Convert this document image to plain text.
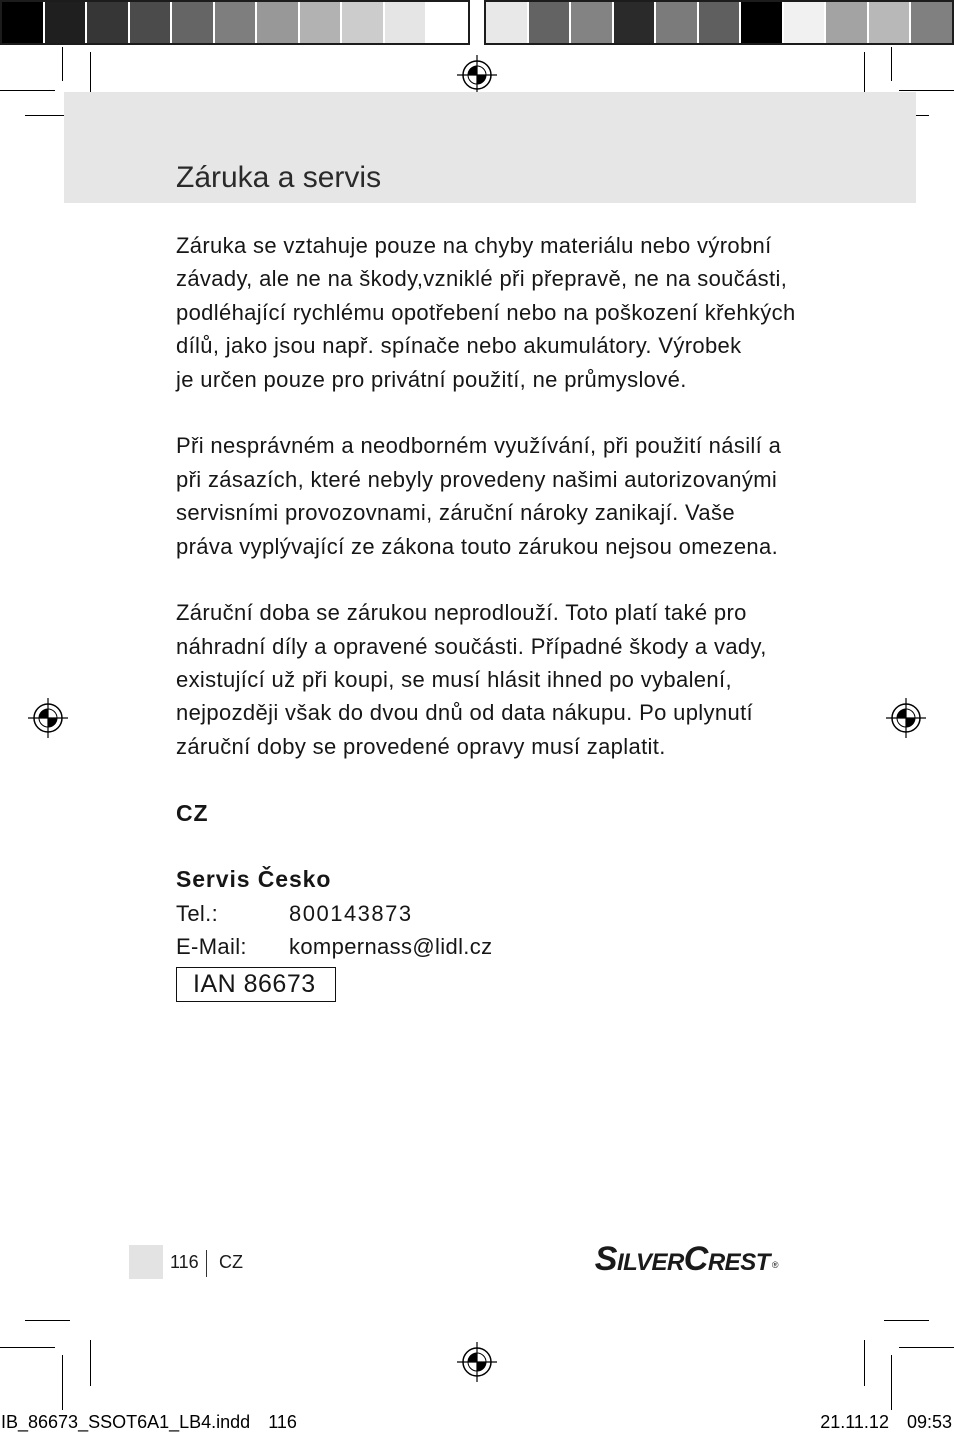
Záruka a servis

Záruka se vztahuje pouze na chyby materiálu nebo výrobní
závady, ale ne na škody,vzniklé při přepravě, ne na součásti,
podléhající rychlému opotřebení nebo na poškození křehkých
dílů, jako jsou např. spínače nebo akumulátory. Výrobek
je určen pouze pro privátní použití, ne průmyslové.

Při nesprávném a neodborném využívání, při použití násilí a
při zásazích, které nebyly provedeny našimi autorizovanými
servisními provozovnami, záruční nároky zanikají. Vaše
práva vyplývající ze zákona touto zárukou nejsou omezena.

Záruční doba se zárukou neprodlouží. Toto platí také pro
náhradní díly a opravené součásti. Případné škody a vady,
existující už při koupi, se musí hlásit ihned po vybalení,
nejpozději však do dvou dnů od data nákupu. Po uplynutí
záruční doby se provedené opravy musí zaplatit.

CZ
Servis Česko
Tel.:	800143873
E-Mail: kompernass@lidl.cz
IAN 86673
116 CZ	SilverCrest ®
IB_86673_SSOT6A1_LB4.indd 116	21.11.12 09:53
